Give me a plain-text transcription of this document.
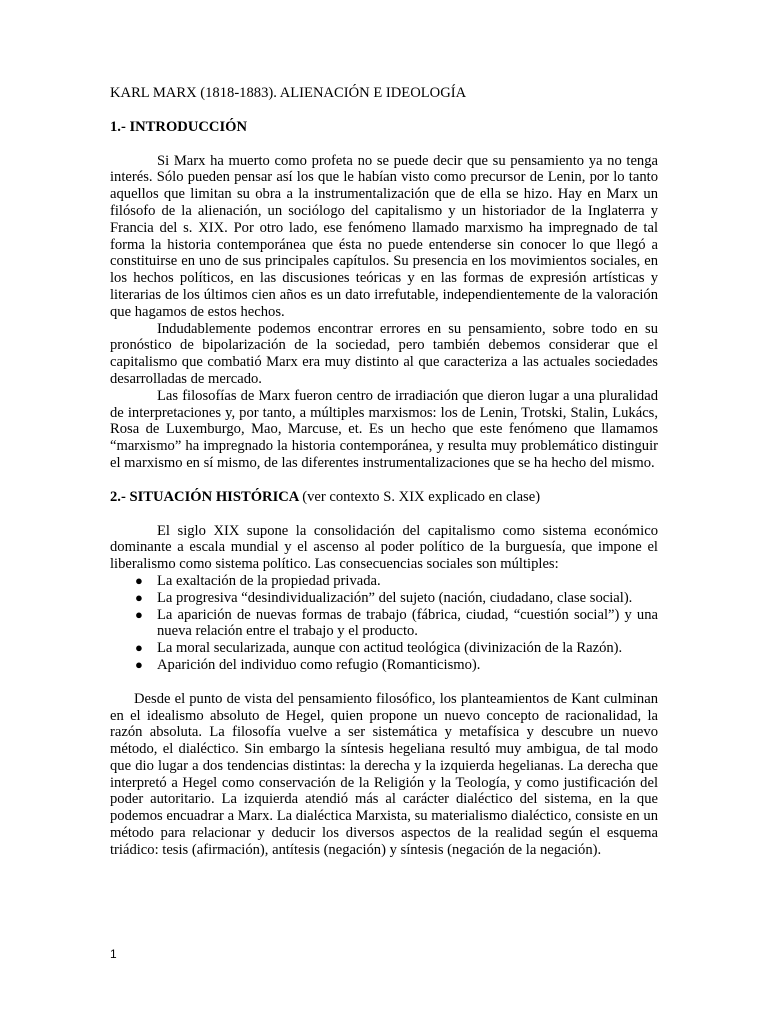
KARL MARX (1818-1883). ALIENACIÓN E IDEOLOGÍA

1.- INTRODUCCIÓN

Si Marx ha muerto como profeta no se puede decir que su pensamiento ya no tenga interés. Sólo pueden pensar así los que le habían visto como precursor de Lenin, por lo tanto aquellos que limitan su obra a la instrumentalización que de ella se hizo. Hay en Marx un filósofo de la alienación, un sociólogo del capitalismo y un historiador de la Inglaterra y Francia del s. XIX. Por otro lado, ese fenómeno llamado marxismo ha impregnado de tal forma la historia contemporánea que ésta no puede entenderse sin conocer lo que llegó a constituirse en uno de sus principales capítulos. Su presencia en los movimientos sociales, en los hechos políticos, en las discusiones teóricas y en las formas de expresión artísticas y literarias de los últimos cien años es un dato irrefutable, independientemente de la valoración que hagamos de estos hechos.

Indudablemente podemos encontrar errores en su pensamiento, sobre todo en su pronóstico de bipolarización de la sociedad, pero también debemos considerar que el capitalismo que combatió Marx era muy distinto al que caracteriza a las actuales sociedades desarrolladas de mercado.

Las filosofías de Marx fueron centro de irradiación que dieron lugar a una pluralidad de interpretaciones y, por tanto, a múltiples marxismos: los de Lenin, Trotski, Stalin, Lukács, Rosa de Luxemburgo, Mao, Marcuse, et. Es un hecho que este fenómeno que llamamos “marxismo” ha impregnado la historia contemporánea, y resulta muy problemático distinguir el marxismo en sí mismo, de las diferentes instrumentalizaciones que se ha hecho del mismo.

2.- SITUACIÓN HISTÓRICA (ver contexto S. XIX explicado en clase)

El siglo XIX supone la consolidación del capitalismo como sistema económico dominante a escala mundial y el ascenso al poder político de la burguesía, que impone el liberalismo como sistema político. Las consecuencias sociales son múltiples:

● La exaltación de la propiedad privada.
● La progresiva “desindividualización” del sujeto (nación, ciudadano, clase social).
● La aparición de nuevas formas de trabajo (fábrica, ciudad, “cuestión social”) y una nueva relación entre el trabajo y el producto.
● La moral secularizada, aunque con actitud teológica (divinización de la Razón).
● Aparición del individuo como refugio (Romanticismo).

Desde el punto de vista del pensamiento filosófico, los planteamientos de Kant culminan en el idealismo absoluto de Hegel, quien propone un nuevo concepto de racionalidad, la razón absoluta. La filosofía vuelve a ser sistemática y metafísica y descubre un nuevo método, el dialéctico. Sin embargo la síntesis hegeliana resultó muy ambigua, de tal modo que dio lugar a dos tendencias distintas: la derecha y la izquierda hegelianas. La derecha que interpretó a Hegel como conservación de la Religión y la Teología, y como justificación del poder autoritario. La izquierda atendió más al carácter dialéctico del sistema, en la que podemos encuadrar a Marx. La dialéctica Marxista, su materialismo dialéctico, consiste en un método para relacionar y deducir los diversos aspectos de la realidad según el esquema triádico: tesis (afirmación), antítesis (negación) y síntesis (negación de la negación).

1
